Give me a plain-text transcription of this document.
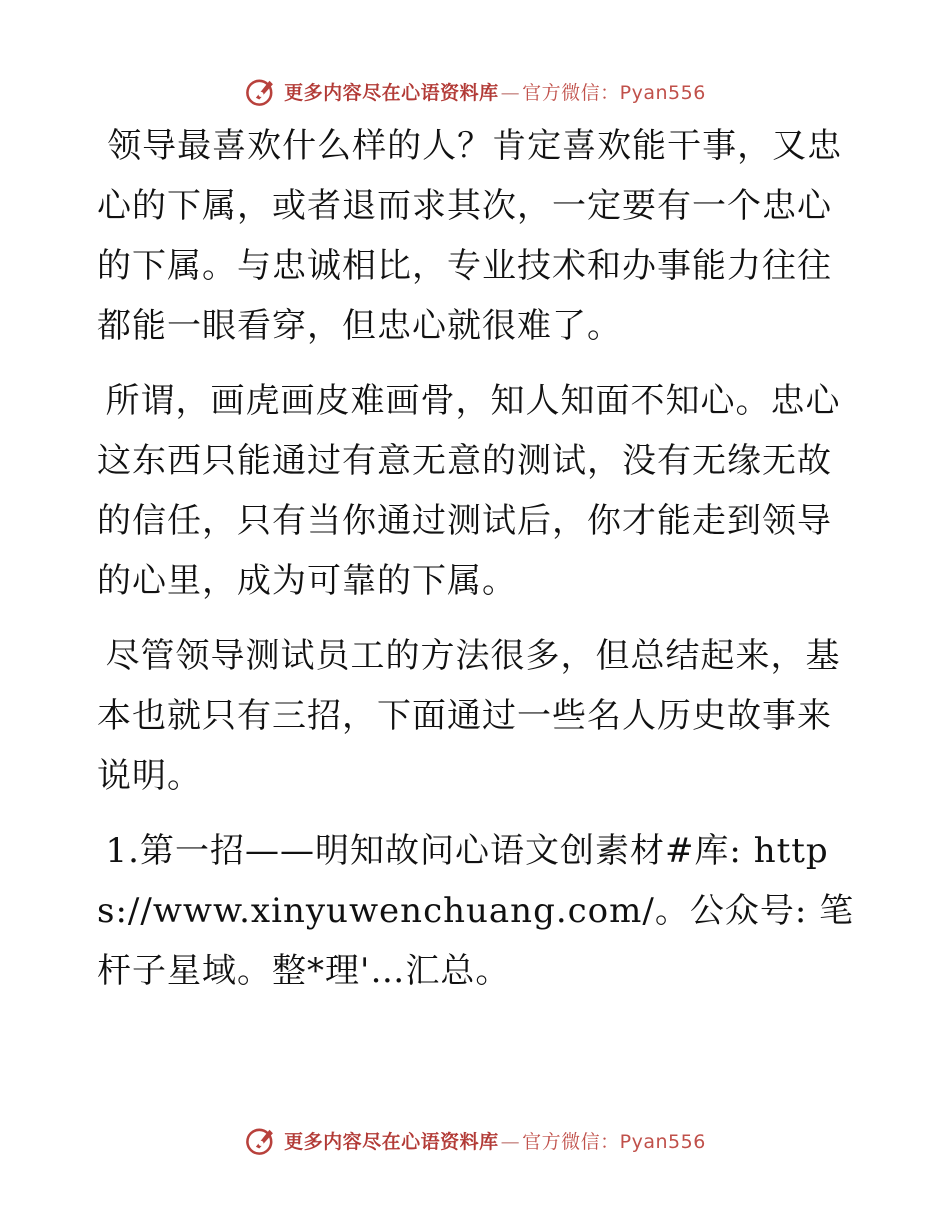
更多内容尽在心语资料库 — 官方微信：Pyan556

领导最喜欢什么样的人？肯定喜欢能干事，又忠心的下属，或者退而求其次，一定要有一个忠心的下属。与忠诚相比，专业技术和办事能力往往都能一眼看穿，但忠心就很难了。

所谓，画虎画皮难画骨，知人知面不知心。忠心这东西只能通过有意无意的测试，没有无缘无故的信任，只有当你通过测试后，你才能走到领导的心里，成为可靠的下属。

尽管领导测试员工的方法很多，但总结起来，基本也就只有三招，下面通过一些名人历史故事来说明。

1.第一招——明知故问心语文创素材#库: https://www.xinyuwenchuang.com/。公众号: 笔杆子星域。整*理'…汇总。

更多内容尽在心语资料库 — 官方微信：Pyan556
